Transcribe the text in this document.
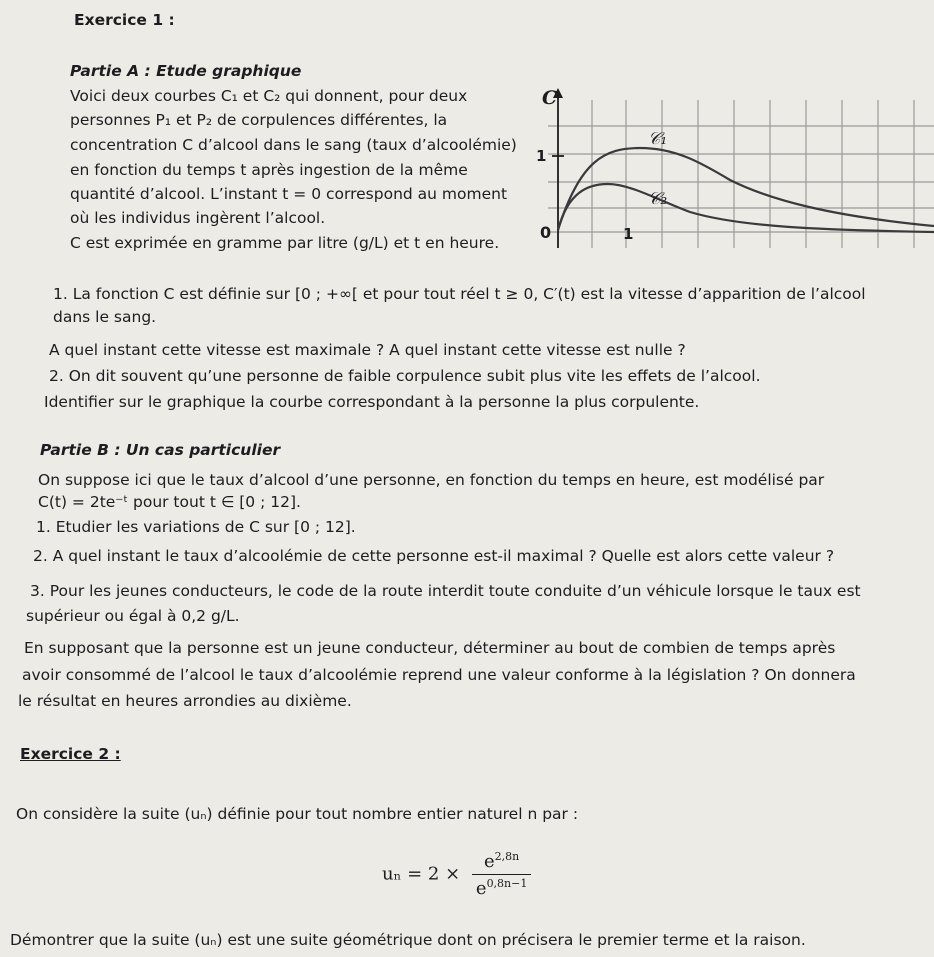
Exercice 1 :

Partie A : Etude graphique

Voici deux courbes C₁ et C₂ qui donnent, pour deux

personnes P₁ et P₂ de corpulences différentes, la

concentration C d’alcool dans le sang (taux d’alcoolémie)

en fonction du temps t après ingestion de la même

quantité d’alcool. L’instant t = 0 correspond au moment

où les individus ingèrent l’alcool.

C est exprimée en gramme par litre (g/L) et t en heure.

C
1
0	1
𝒞₁
𝒞₂

1. La fonction C est définie sur [0 ; +∞[ et pour tout réel t ≥ 0, C′(t) est la vitesse d’apparition de l’alcool

dans le sang.

A quel instant cette vitesse est maximale ? A quel instant cette vitesse est nulle ?

2. On dit souvent qu’une personne de faible corpulence subit plus vite les effets de l’alcool.

Identifier sur le graphique la courbe correspondant à la personne la plus corpulente.

Partie B : Un cas particulier

On suppose ici que le taux d’alcool d’une personne, en fonction du temps en heure, est modélisé par

C(t) = 2te⁻ᵗ pour tout t ∈ [0 ; 12].

1. Etudier les variations de C sur [0 ; 12].

2. A quel instant le taux d’alcoolémie de cette personne est-il maximal ? Quelle est alors cette valeur ?

3. Pour les jeunes conducteurs, le code de la route interdit toute conduite d’un véhicule lorsque le taux est

supérieur ou égal à 0,2 g/L.

En supposant que la personne est un jeune conducteur, déterminer au bout de combien de temps après

avoir consommé de l’alcool le taux d’alcoolémie reprend une valeur conforme à la législation ? On donnera

le résultat en heures arrondies au dixième.

Exercice 2 :

On considère la suite (uₙ) définie pour tout nombre entier naturel n par :

$u_n = 2 \times \frac{e^{2,8n}}{e^{0,8n-1}}$

Démontrer que la suite (uₙ) est une suite géométrique dont on précisera le premier terme et la raison.
